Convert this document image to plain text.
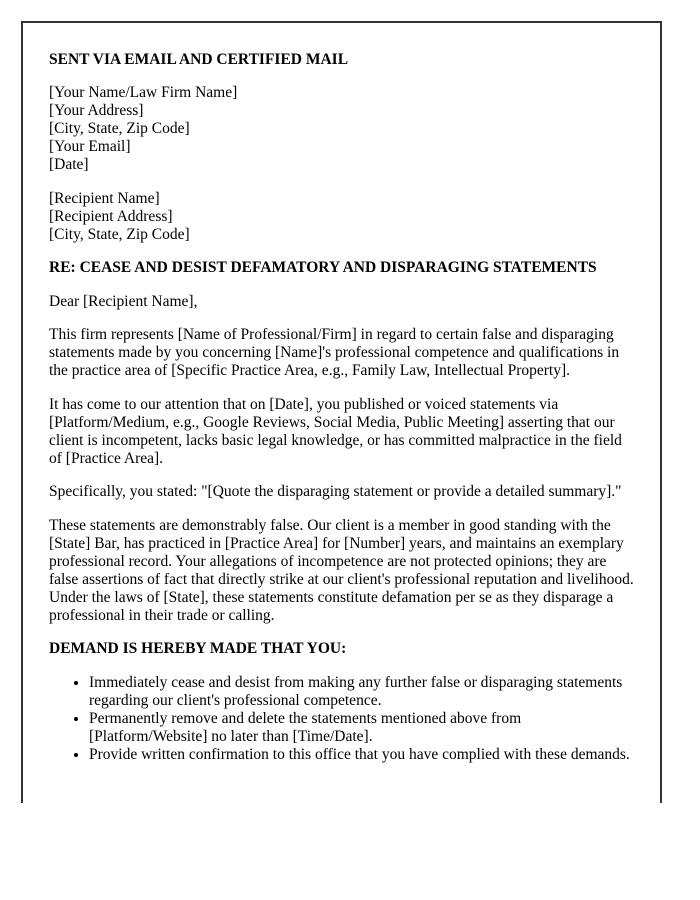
SENT VIA EMAIL AND CERTIFIED MAIL

[Your Name/Law Firm Name]
[Your Address]
[City, State, Zip Code]
[Your Email]
[Date]
[Recipient Name]
[Recipient Address]
[City, State, Zip Code]

RE: CEASE AND DESIST DEFAMATORY AND DISPARAGING STATEMENTS

Dear [Recipient Name],

This firm represents [Name of Professional/Firm] in regard to certain false and disparaging statements made by you concerning [Name]'s professional competence and qualifications in the practice area of [Specific Practice Area, e.g., Family Law, Intellectual Property].

It has come to our attention that on [Date], you published or voiced statements via [Platform/Medium, e.g., Google Reviews, Social Media, Public Meeting] asserting that our client is incompetent, lacks basic legal knowledge, or has committed malpractice in the field of [Practice Area].

Specifically, you stated: "[Quote the disparaging statement or provide a detailed summary]."

These statements are demonstrably false. Our client is a member in good standing with the [State] Bar, has practiced in [Practice Area] for [Number] years, and maintains an exemplary professional record. Your allegations of incompetence are not protected opinions; they are false assertions of fact that directly strike at our client's professional reputation and livelihood. Under the laws of [State], these statements constitute defamation per se as they disparage a professional in their trade or calling.

DEMAND IS HEREBY MADE THAT YOU:

• Immediately cease and desist from making any further false or disparaging statements regarding our client's professional competence.
• Permanently remove and delete the statements mentioned above from [Platform/Website] no later than [Time/Date].
• Provide written confirmation to this office that you have complied with these demands.
